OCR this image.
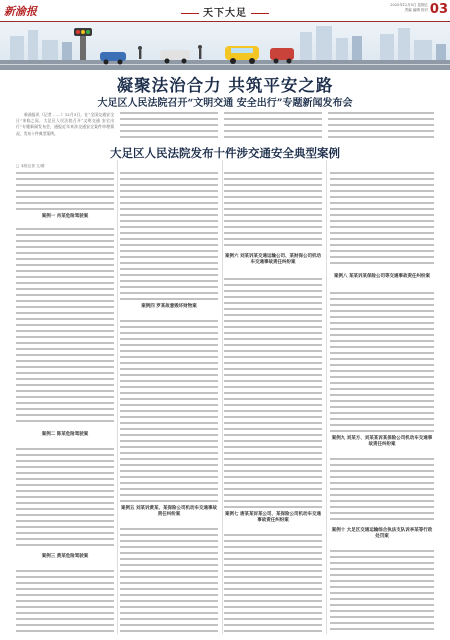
新渝报	天下大足
2025年12月5日 星期五
责编 编辑 校对 03
凝聚法治合力 共筑平安之路
大足区人民法院召开“文明交通 安全出行”专题新闻发布会
新渝报讯（记者 ……）12月3日，在“全国交通安全日”来临之际，大足区人民法院召开“文明交通 安全出行”专题新闻发布会，通报近年来涉交通安全案件审理情况，发布十件典型案例。
大足区人民法院发布十件涉交通安全典型案例
□ 本报记者 文/图
案例一 肖某危险驾驶案
案例二 陈某危险驾驶案
案例三 黄某危险驾驶案
案例四 罗某故意毁坏财物案
案例五 刘某诉黄某、某保险公司机动车交通事故责任纠纷案
案例六 刘某诉某交通运输公司、某财保公司机动车交通事故责任纠纷案
案例七 唐某某诉某公司、某保险公司机动车交通事故责任纠纷案
案例八 某某诉某保险公司等交通事故责任纠纷案
案例九 刘某方、刘某某诉某保险公司机动车交通事故责任纠纷案
案例十 大足区交通运输综合执法支队诉李某等行政处罚案
